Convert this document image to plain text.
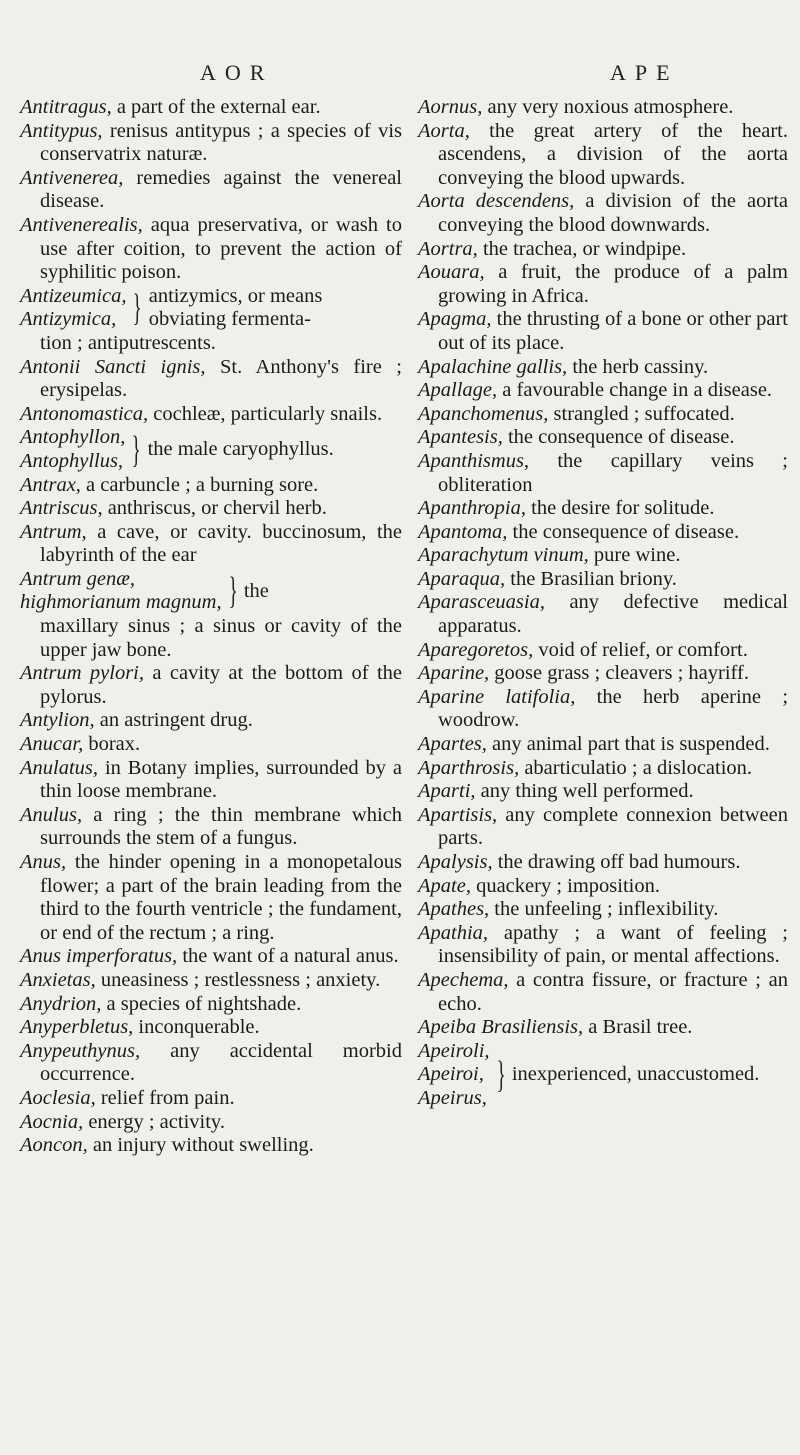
AOR	APE

Antitragus, a part of the external ear.

Antitypus, renisus antitypus ; a species of vis conservatrix naturæ.

Antivenerea, remedies against the venereal disease.

Antivenerealis, aqua preservativa, or wash to use after coition, to prevent the action of syphilitic poison.

Antizeumica,
Antizymica, } antizymics, or means obviating fermenta-

tion ; antiputrescents.

Antonii Sancti ignis, St. Anthony's fire ; erysipelas.

Antonomastica, cochleæ, particularly snails.

Antophyllon,
Antophyllus, } the male caryophyllus.

Antrax, a carbuncle ; a burning sore.

Antriscus, anthriscus, or chervil herb.

Antrum, a cave, or cavity. buccinosum, the labyrinth of the ear

Antrum genæ,
highmorianum magnum, } the

maxillary sinus ; a sinus or cavity of the upper jaw bone.

Antrum pylori, a cavity at the bottom of the pylorus.

Antylion, an astringent drug.

Anucar, borax.

Anulatus, in Botany implies, surrounded by a thin loose membrane.

Anulus, a ring ; the thin membrane which surrounds the stem of a fungus.

Anus, the hinder opening in a monopetalous flower; a part of the brain leading from the third to the fourth ventricle ; the fundament, or end of the rectum ; a ring.

Anus imperforatus, the want of a natural anus.

Anxietas, uneasiness ; restlessness ; anxiety.

Anydrion, a species of nightshade.

Anyperbletus, inconquerable.

Anypeuthynus, any accidental morbid occurrence.

Aoclesia, relief from pain.

Aocnia, energy ; activity.

Aoncon, an injury without swelling.

Aornus, any very noxious atmosphere.

Aorta, the great artery of the heart. ascendens, a division of the aorta conveying the blood upwards.

Aorta descendens, a division of the aorta conveying the blood downwards.

Aortra, the trachea, or windpipe.

Aouara, a fruit, the produce of a palm growing in Africa.

Apagma, the thrusting of a bone or other part out of its place.

Apalachine gallis, the herb cassiny.

Apallage, a favourable change in a disease.

Apanchomenus, strangled ; suffocated.

Apantesis, the consequence of disease.

Apanthismus, the capillary veins ; obliteration

Apanthropia, the desire for solitude.

Apantoma, the consequence of disease.

Aparachytum vinum, pure wine.

Aparaqua, the Brasilian briony.

Aparasceuasia, any defective medical apparatus.

Aparegoretos, void of relief, or comfort.

Aparine, goose grass ; cleavers ; hayriff.

Aparine latifolia, the herb aperine ; woodrow.

Apartes, any animal part that is suspended.

Aparthrosis, abarticulatio ; a dislocation.

Aparti, any thing well performed.

Apartisis, any complete connexion between parts.

Apalysis, the drawing off bad humours.

Apate, quackery ; imposition.

Apathes, the unfeeling ; inflexibility.

Apathia, apathy ; a want of feeling ; insensibility of pain, or mental affections.

Apechema, a contra fissure, or fracture ; an echo.

Apeiba Brasiliensis, a Brasil tree.

Apeiroli,
Apeiroi,
Apeirus,
} inexperienced, unaccustomed.
